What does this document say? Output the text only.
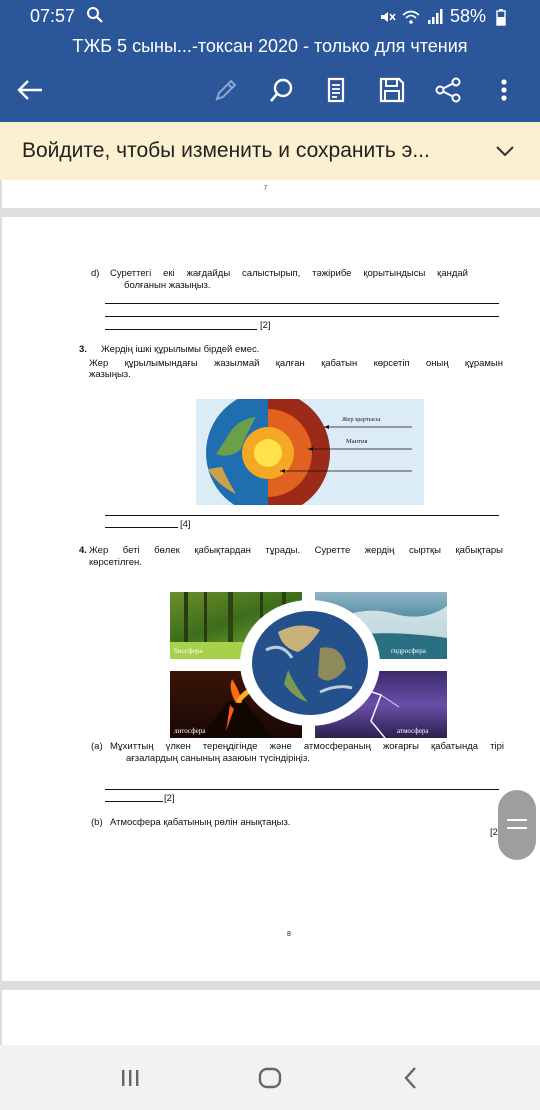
07:57	58%
ТЖБ 5 сыны...-токсан 2020 - только для чтения
Войдите, чтобы изменить и сохранить э...
7
d) Суреттегі екі жағдайды салыстырып, тәжірибе қорытындысы қандай
болғанын жазыңыз.
[2]
3. Жердің ішкі құрылымы бірдей емес.
Жер құрылымындағы жазылмай қалған қабатын көрсетіп оның құрамын
жазыңыз.
Жер қыртысы
Мантия
[4]
4. Жер беті бөлек қабықтардан тұрады. Суретте жердің сыртқы қабықтары
көрсетілген.
биосфера	гидросфера
литосфера	атмосфера
(a) Мұхиттың үлкен тереңдігінде және атмосфераның жоғарғы қабатында тірі
ағзалардың санының азаюын түсіндіріңіз.
[2]
(b) Атмосфера қабатының рөлін анықтаңыз.
[2
8
